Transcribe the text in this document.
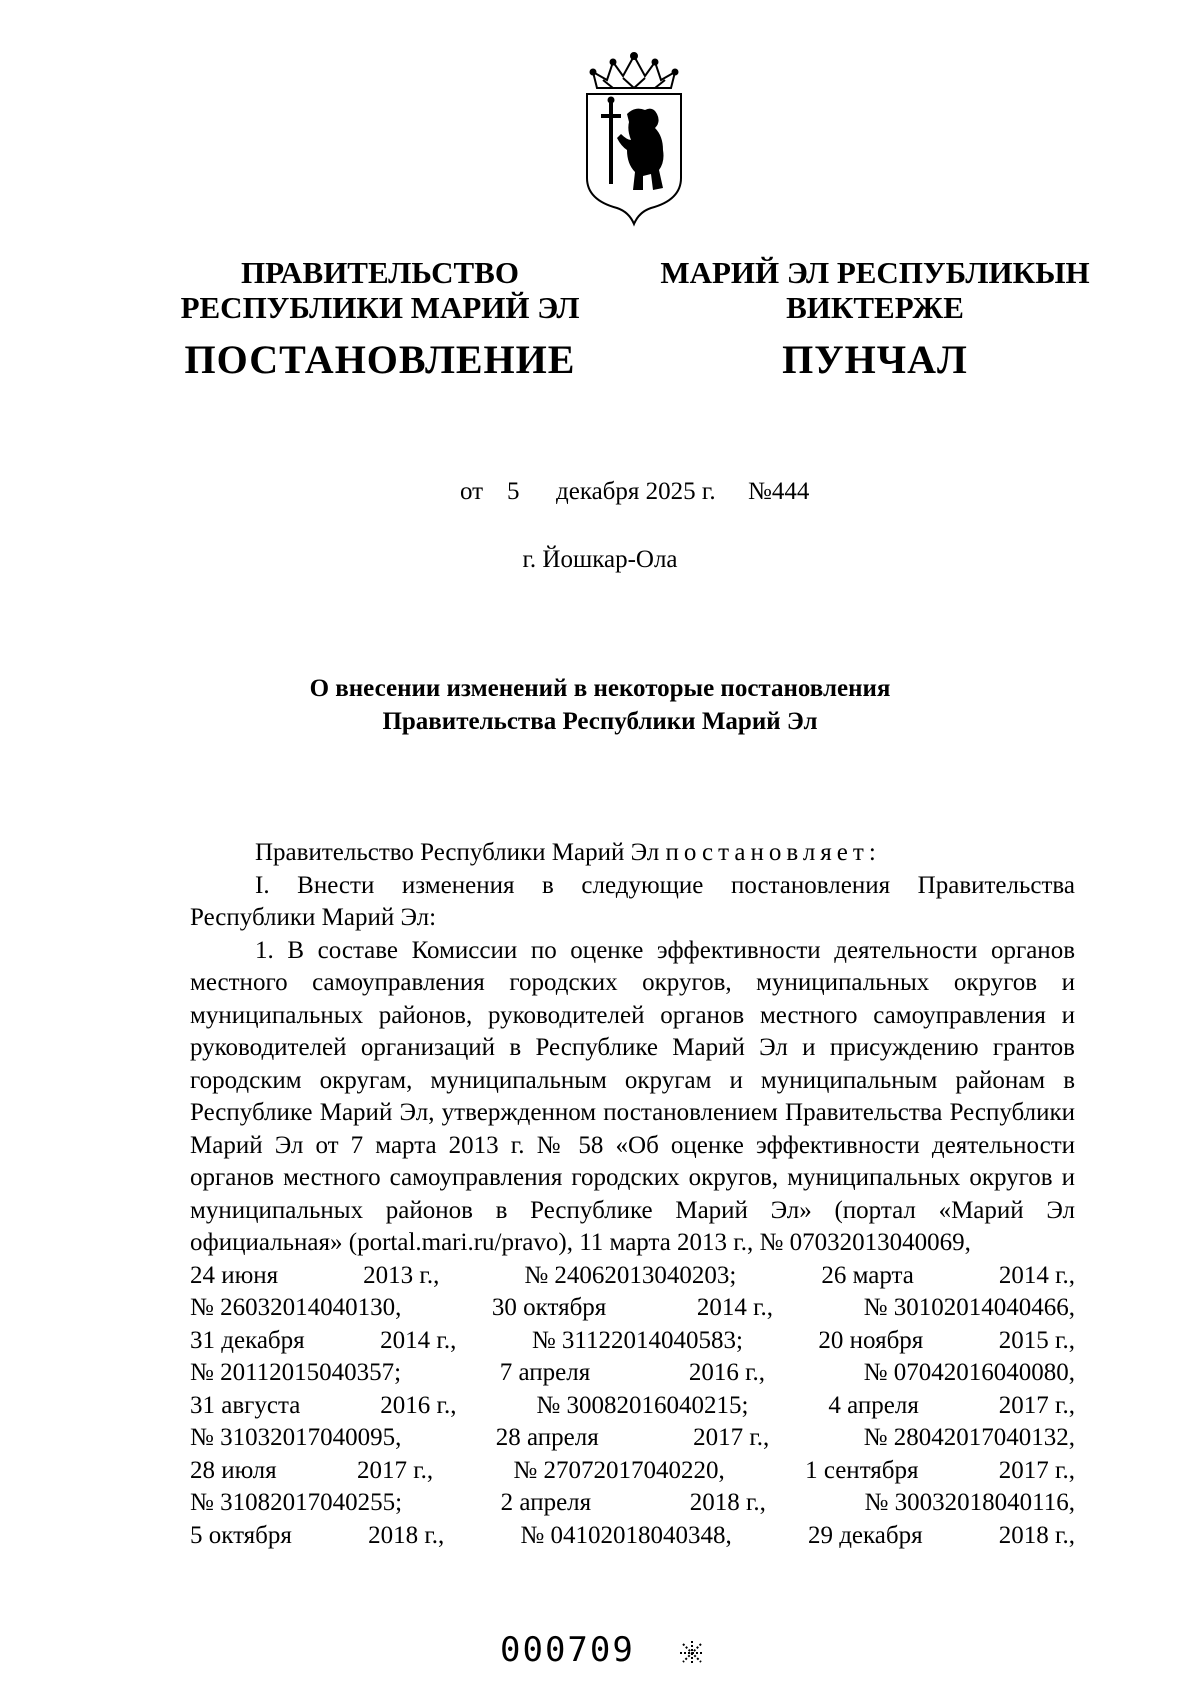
ПРАВИТЕЛЬСТВО
РЕСПУБЛИКИ МАРИЙ ЭЛ
ПОСТАНОВЛЕНИЕ
МАРИЙ ЭЛ РЕСПУБЛИКЫН
ВИКТЕРЖЕ
ПУНЧАЛ
от 5 декабря 2025 г. №444
г. Йошкар-Ола
О внесении изменений в некоторые постановления
Правительства Республики Марий Эл

Правительство Республики Марий Эл постановляет:

I. Внести изменения в следующие постановления Правительства Республики Марий Эл:

1. В составе Комиссии по оценке эффективности деятельности органов местного самоуправления городских округов, муниципальных округов и муниципальных районов, руководителей органов местного самоуправления и руководителей организаций в Республике Марий Эл и присуждению грантов городским округам, муниципальным округам и муниципальным районам в Республике Марий Эл, утвержденном постановлением Правительства Республики Марий Эл от 7 марта 2013 г. № 58 «Об оценке эффективности деятельности органов местного самоуправления городских округов, муниципальных округов и муниципальных районов в Республике Марий Эл» (портал «Марий Эл официальная» (portal.mari.ru/pravo), 11 марта 2013 г., № 07032013040069,

24 июня	2013 г.,	№ 24062013040203;	26 марта	2014 г.,
№ 26032014040130,	30 октября	2014 г.,	№ 30102014040466,
31 декабря	2014 г.,	№ 31122014040583;	20 ноября	2015 г.,
№ 20112015040357;	7 апреля	2016 г.,	№ 07042016040080,
31 августа	2016 г.,	№ 30082016040215;	4 апреля	2017 г.,
№ 31032017040095,	28 апреля	2017 г.,	№ 28042017040132,
28 июля	2017 г.,	№ 27072017040220,	1 сентября	2017 г.,
№ 31082017040255;	2 апреля	2018 г.,	№ 30032018040116,
5 октября	2018 г.,	№ 04102018040348,	29 декабря	2018 г.,
000709
